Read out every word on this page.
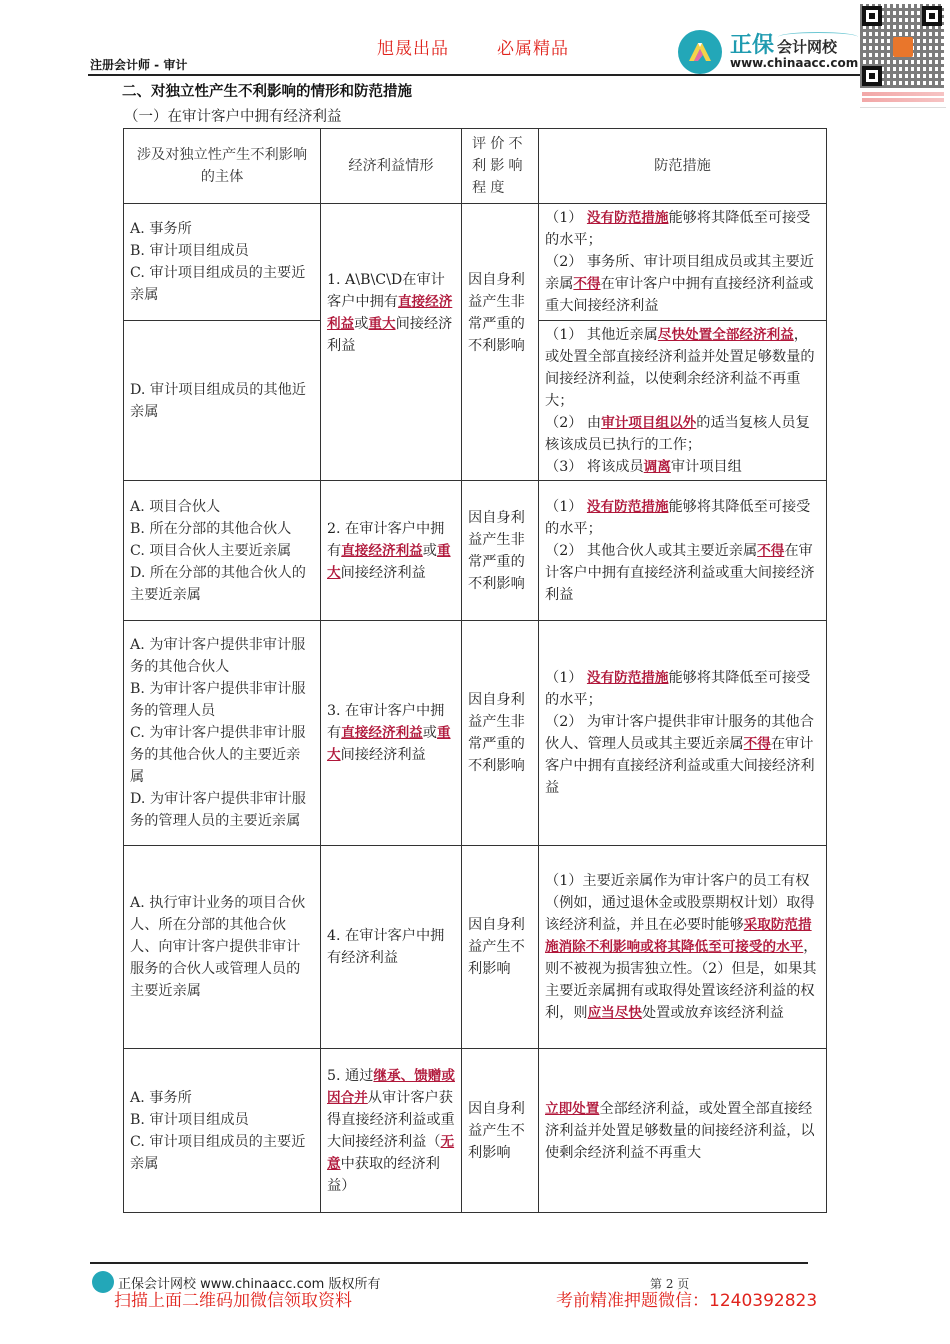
旭晟出品	必属精品
注册会计师 - 审计
正保 会计网校
www.chinaacc.com
二、对独立性产生不利影响的情形和防范措施
（一）在审计客户中拥有经济利益
涉及对独立性产生不利影响的主体	经济利益情形	评价不利影响程度	防范措施

A. 事务所
B. 审计项目组成员
C. 审计项目组成员的主要近亲属	1. A\B\C\D在审计客户中拥有直接经济利益或重大间接经济利益	因自身利益产生非常严重的不利影响	（1） 没有防范措施能够将其降低至可接受的水平；
（2） 事务所、审计项目组成员或其主要近亲属不得在审计客户中拥有直接经济利益或重大间接经济利益

D. 审计项目组成员的其他近亲属			（1） 其他近亲属尽快处置全部经济利益，或处置全部直接经济利益并处置足够数量的间接经济利益，以使剩余经济利益不再重大；
（2） 由审计项目组以外的适当复核人员复核该成员已执行的工作；
（3） 将该成员调离审计项目组

A. 项目合伙人
B. 所在分部的其他合伙人
C. 项目合伙人主要近亲属
D. 所在分部的其他合伙人的主要近亲属	2. 在审计客户中拥有直接经济利益或重大间接经济利益	因自身利益产生非常严重的不利影响	（1） 没有防范措施能够将其降低至可接受的水平；
（2） 其他合伙人或其主要近亲属不得在审计客户中拥有直接经济利益或重大间接经济利益

A. 为审计客户提供非审计服务的其他合伙人
B. 为审计客户提供非审计服务的管理人员
C. 为审计客户提供非审计服务的其他合伙人的主要近亲属
D. 为审计客户提供非审计服务的管理人员的主要近亲属	3. 在审计客户中拥有直接经济利益或重大间接经济利益	因自身利益产生非常严重的不利影响	（1） 没有防范措施能够将其降低至可接受的水平；
（2） 为审计客户提供非审计服务的其他合伙人、管理人员或其主要近亲属不得在审计客户中拥有直接经济利益或重大间接经济利益

A. 执行审计业务的项目合伙人、所在分部的其他合伙人、向审计客户提供非审计服务的合伙人或管理人员的主要近亲属	4. 在审计客户中拥有经济利益	因自身利益产生不利影响	（1）主要近亲属作为审计客户的员工有权（例如，通过退休金或股票期权计划）取得该经济利益，并且在必要时能够采取防范措施消除不利影响或将其降低至可接受的水平，则不被视为损害独立性。（2）但是，如果其主要近亲属拥有或取得处置该经济利益的权利，则应当尽快处置或放弃该经济利益

A. 事务所
B. 审计项目组成员
C. 审计项目组成员的主要近亲属	5. 通过继承、馈赠或因合并从审计客户获得直接经济利益或重大间接经济利益（无意中获取的经济利益）	因自身利益产生不利影响	立即处置全部经济利益，或处置全部直接经济利益并处置足够数量的间接经济利益，以使剩余经济利益不再重大
正保会计网校 www.chinaacc.com 版权所有	第 2 页
扫描上面二维码加微信领取资料	考前精准押题微信：1240392823
